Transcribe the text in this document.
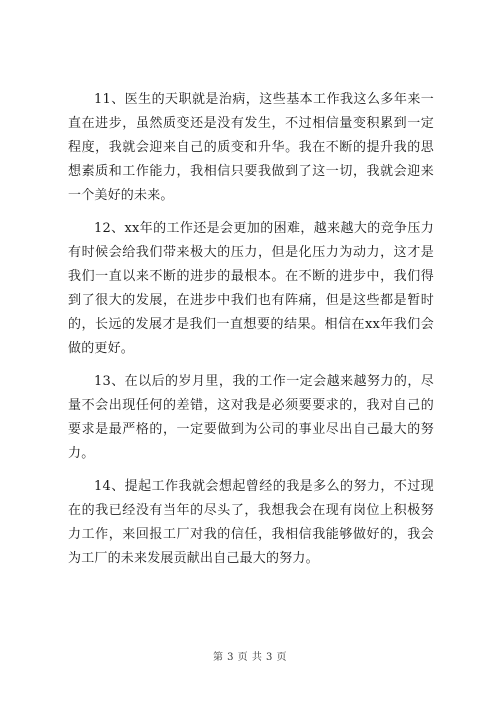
11、医生的天职就是治病，这些基本工作我这么多年来一直在进步，虽然质变还是没有发生，不过相信量变积累到一定程度，我就会迎来自己的质变和升华。我在不断的提升我的思想素质和工作能力，我相信只要我做到了这一切，我就会迎来一个美好的未来。

12、xx年的工作还是会更加的困难，越来越大的竞争压力有时候会给我们带来极大的压力，但是化压力为动力，这才是我们一直以来不断的进步的最根本。在不断的进步中，我们得到了很大的发展，在进步中我们也有阵痛，但是这些都是暂时的，长远的发展才是我们一直想要的结果。相信在xx年我们会做的更好。

13、在以后的岁月里，我的工作一定会越来越努力的，尽量不会出现任何的差错，这对我是必须要要求的，我对自己的要求是最严格的，一定要做到为公司的事业尽出自己最大的努力。

14、提起工作我就会想起曾经的我是多么的努力，不过现在的我已经没有当年的尽头了，我想我会在现有岗位上积极努力工作，来回报工厂对我的信任，我相信我能够做好的，我会为工厂的未来发展贡献出自己最大的努力。

第 3 页 共 3 页
